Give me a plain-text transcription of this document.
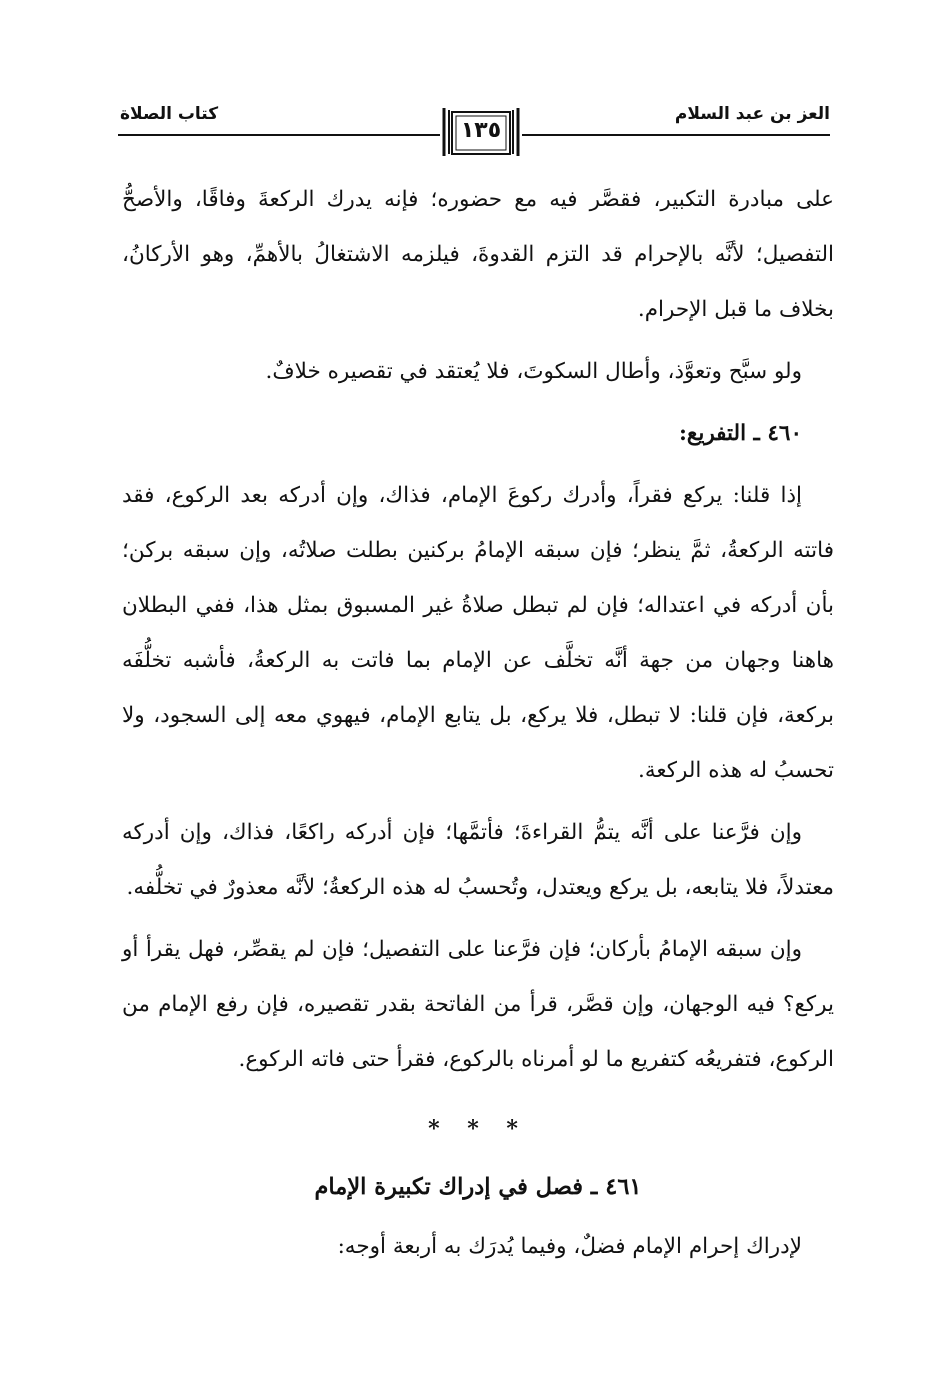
العز بن عبد السلام
كتاب الصلاة
١٣٥

على مبادرة التكبير، فقصَّر فيه مع حضوره؛ فإنه يدرك الركعةَ وفاقًا، والأصحُّ التفصيل؛ لأنَّه بالإحرام قد التزم القدوةَ، فيلزمه الاشتغالُ بالأهمِّ، وهو الأركانُ، بخلاف ما قبل الإحرام.

ولو سبَّح وتعوَّذ، وأطال السكوتَ، فلا يُعتقد في تقصيره خلافٌ.

٤٦٠ ـ التفريع:

إذا قلنا: يركع فقراً، وأدرك ركوعَ الإمام، فذاك، وإن أدركه بعد الركوع، فقد فاتته الركعةُ، ثمَّ ينظر؛ فإن سبقه الإمامُ بركنين بطلت صلاتُه، وإن سبقه بركن؛ بأن أدركه في اعتداله؛ فإن لم تبطل صلاةُ غير المسبوق بمثل هذا، ففي البطلان هاهنا وجهان من جهة أنَّه تخلَّف عن الإمام بما فاتت به الركعةُ، فأشبه تخلُّفَه بركعة، فإن قلنا: لا تبطل، فلا يركع، بل يتابع الإمام، فيهوي معه إلى السجود، ولا تحسبُ له هذه الركعة.

وإن فرَّعنا على أنَّه يتمُّ القراءةَ؛ فأتمَّها؛ فإن أدركه راكعًا، فذاك، وإن أدركه معتدلاً، فلا يتابعه، بل يركع ويعتدل، وتُحسبُ له هذه الركعةُ؛ لأنَّه معذورٌ في تخلُّفه.

وإن سبقه الإمامُ بأركان؛ فإن فرَّعنا على التفصيل؛ فإن لم يقصِّر، فهل يقرأ أو يركع؟ فيه الوجهان، وإن قصَّر، قرأ من الفاتحة بقدر تقصيره، فإن رفع الإمام من الركوع، فتفريعُه كتفريع ما لو أمرناه بالركوع، فقرأ حتى فاته الركوع.

* * *

٤٦١ ـ فصل في إدراك تكبيرة الإمام

لإدراك إحرام الإمام فضلٌ، وفيما يُدرَك به أربعة أوجه:
